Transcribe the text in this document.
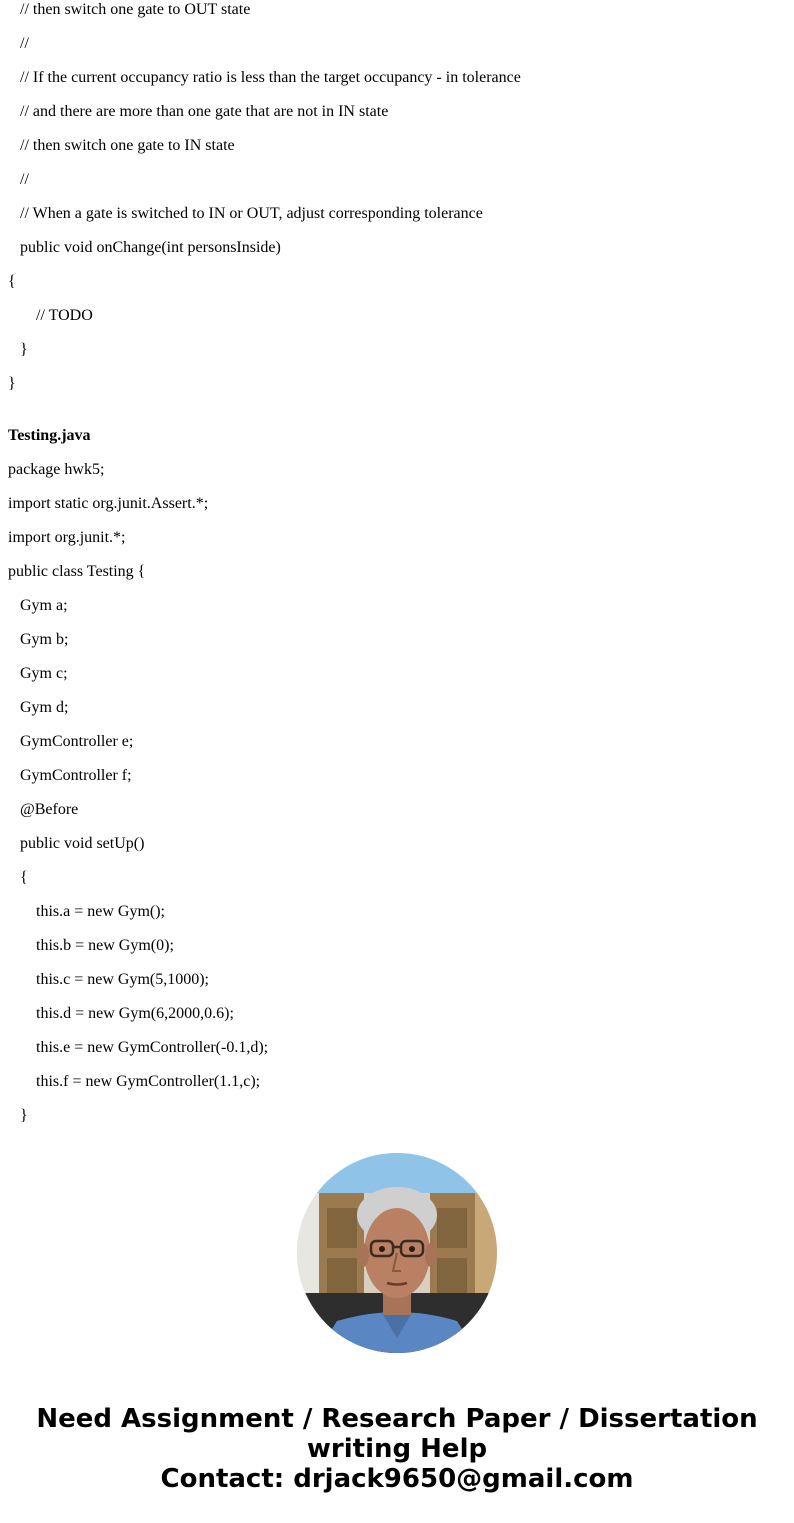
// then switch one gate to OUT state
//
// If the current occupancy ratio is less than the target occupancy - in tolerance
// and there are more than one gate that are not in IN state
// then switch one gate to IN state
//
// When a gate is switched to IN or OUT, adjust corresponding tolerance
public void onChange(int personsInside)
{
// TODO
}
}
Testing.java
package hwk5;
import static org.junit.Assert.*;
import org.junit.*;
public class Testing {
Gym a;
Gym b;
Gym c;
Gym d;
GymController e;
GymController f;
@Before
public void setUp()
{
this.a = new Gym();
this.b = new Gym(0);
this.c = new Gym(5,1000);
this.d = new Gym(6,2000,0.6);
this.e = new GymController(-0.1,d);
this.f = new GymController(1.1,c);
}
Need Assignment / Research Paper / Dissertation
writing Help
Contact: drjack9650@gmail.com
